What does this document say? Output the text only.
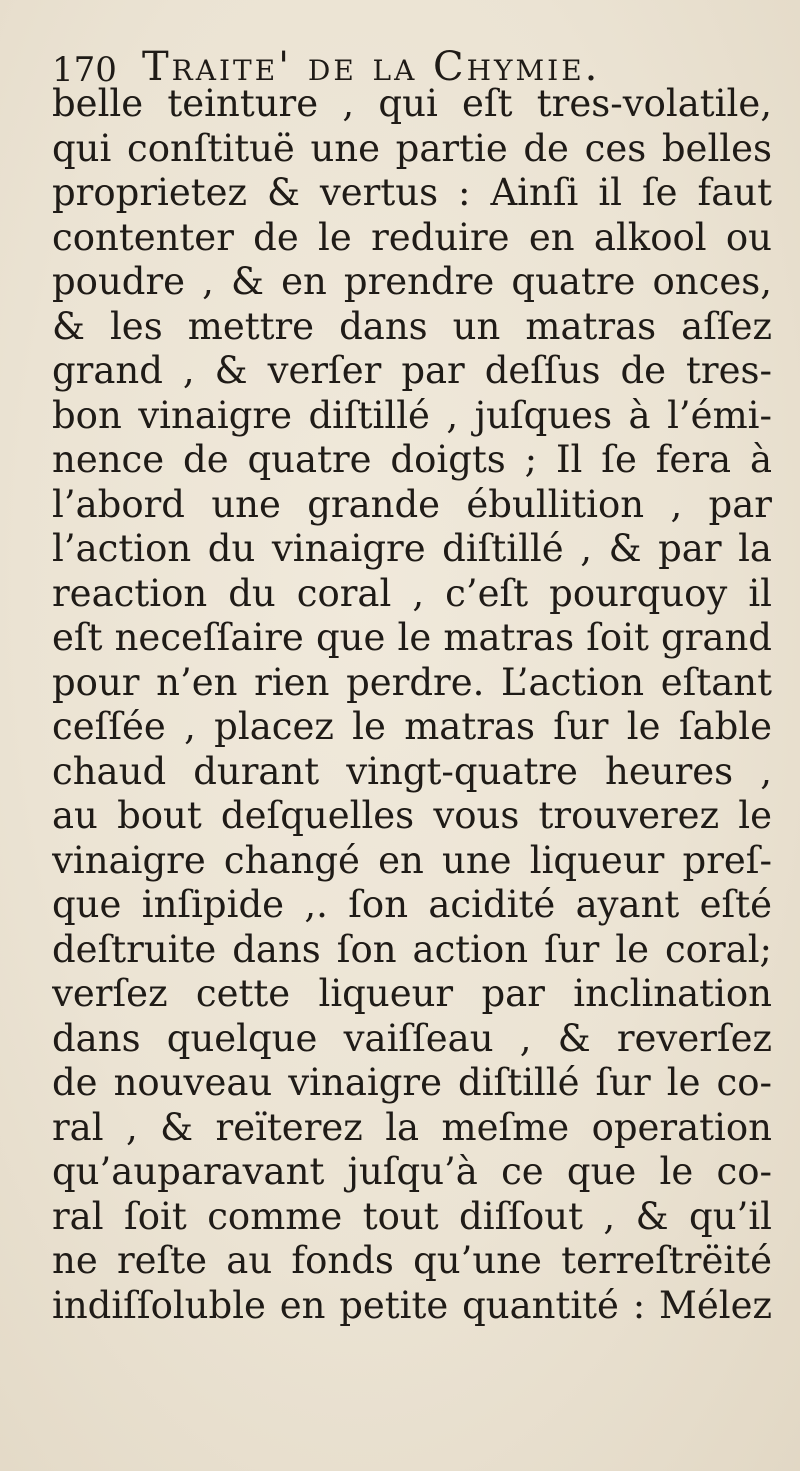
170 Traite' de la Chymie.
belle teinture , qui eſt tres-volatile,
qui conſtituë une partie de ces belles
proprietez & vertus : Ainſi il ſe faut
contenter de le reduire en alkool ou
poudre , & en prendre quatre onces,
& les mettre dans un matras aſſez
grand , & verſer par deſſus de tres-
bon vinaigre diſtillé , juſques à l’émi-
nence de quatre doigts ; Il ſe fera à
l’abord une grande ébullition , par
l’action du vinaigre diſtillé , & par la
reaction du coral , c’eſt pourquoy il
eſt neceſſaire que le matras ſoit grand
pour n’en rien perdre. L’action eſtant
ceſſée , placez le matras ſur le ſable
chaud durant vingt-quatre heures ,
au bout deſquelles vous trouverez le
vinaigre changé en une liqueur preſ-
que inſipide ,. ſon acidité ayant eſté
deſtruite dans ſon action ſur le coral;
verſez cette liqueur par inclination
dans quelque vaiſſeau , & reverſez
de nouveau vinaigre diſtillé ſur le co-
ral , & reïterez la meſme operation
qu’auparavant juſqu’à ce que le co-
ral ſoit comme tout diſſout , & qu’il
ne reſte au fonds qu’une terreſtrëité
indiſſoluble en petite quantité : Mélez
